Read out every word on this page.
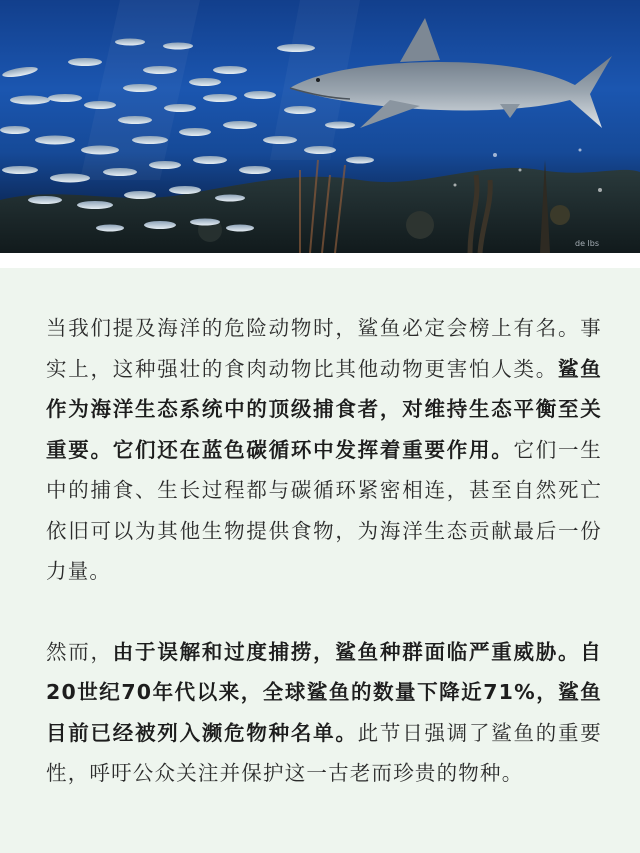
de lbs

当我们提及海洋的危险动物时，鲨鱼必定会榜上有名。事实上，这种强壮的食肉动物比其他动物更害怕人类。鲨鱼作为海洋生态系统中的顶级捕食者，对维持生态平衡至关重要。它们还在蓝色碳循环中发挥着重要作用。它们一生中的捕食、生长过程都与碳循环紧密相连，甚至自然死亡依旧可以为其他生物提供食物，为海洋生态贡献最后一份力量。

然而，由于误解和过度捕捞，鲨鱼种群面临严重威胁。自20世纪70年代以来，全球鲨鱼的数量下降近71%，鲨鱼目前已经被列入濒危物种名单。此节日强调了鲨鱼的重要性，呼吁公众关注并保护这一古老而珍贵的物种。
